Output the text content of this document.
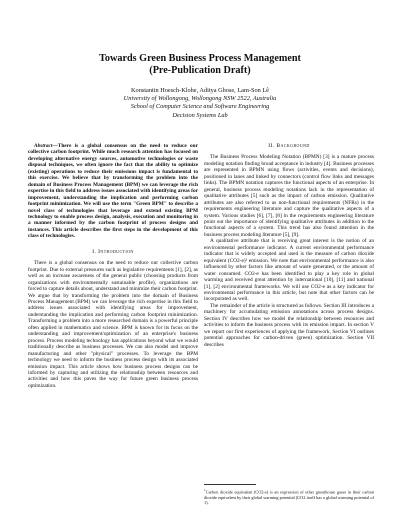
Towards Green Business Process Management
(Pre-Publication Draft)
Konstantin Hoesch-Klohe, Aditya Ghose, Lam-Son Lê
University of Wollongong, Wollongong NSW 2522, Australia
School of Computer Science and Software Engineering
Decision Systems Lab

Abstract—There is a global consensus on the need to reduce our collective carbon footprint. While much research attention has focused on developing alternative energy sources, automotive technologies or waste disposal techniques, we often ignore the fact that the ability to optimize (existing) operations to reduce their emissions impact is fundamental to this exercise. We believe that by transforming the problem into the domain of Business Process Management (BPM) we can leverage the rich expertise in this field to address issues associated with identifying areas for improvement, understanding the implication and performing carbon footprint minimization. We will use the term "Green BPM" to describe a novel class of technologies that leverage and extend existing BPM technology to enable process design, analysis, execution and monitoring in a manner informed by the carbon footprint of process designs and instances. This article describes the first steps in the development of this class of technologies.

I. Introduction

There is a global consensus on the need to reduce our collective carbon footprint. Due to external pressures such as legislative requirements [1], [2], as well as an increase awareness of the general public (choosing products from organizations with environmentally sustainable profile), organizations are forced to capture details about, understand and minimize their carbon footprint. We argue that by transforming the problem into the domain of Business Process Management (BPM) we can leverage the rich expertise in this field to address issues associated with identifying areas for improvement, understanding the implication and performing carbon footprint minimization. Transforming a problem into a more researched domain is a powerful principle often applied in mathematics and science. BPM is known for its focus on the understanding and improvement/optimization of an enterprise's business process. Process modeling technology has applications beyond what we would traditionally describe as business processes. We can also model and improve manufacturing and other "physical" processes. To leverage the BPM technology we need to inform the business process design with its associated emission impact. This article shows how business process designs can be informed by capturing and utilizing the relationship between resources and activities and how this paves the way for future green business process optimization.

II. Background

The Business Process Modeling Notation (BPMN) [3] is a mature process modeling notation finding broad acceptance in industry [4]. Business processes are represented in BPMN using flows (activities, events and decisions), positioned in lanes and linked by connectors (control flow links and messages links). The BPMN notation captures the functional aspects of an enterprise. In general, business process modeling notations lack in the representation of qualitative attributes [5] such as the impact of carbon emission. Qualitative attributes are also referred to as non-functional requirements (NFRs) in the requirements engineering literature and capture the qualitative aspects of a system. Various studies [6], [7], [8] in the requirements engineering literature point out the importance of identifying qualitative attributes in addition to the functional aspects of a system. This trend has also found attention in the business process modeling literature [5], [9].

A qualitative attribute that is receiving great interest is the notion of an environmental performance indicator. A current environmental performance indicator that is widely accepted and used is the measure of carbon dioxide equivalent (CO2-e)¹ emission. We note that environmental performance is also influenced by other factors like amount of waste generated, or the amount of water consumed. CO2-e has been identified to play a key role in global warming and received great attention by international [10], [11] and national [1], [2] environmental frameworks. We will use CO2-e as a key indicator for environmental performance in this article, but note that other factors can be incorporated as well.

The remainder of the article is structured as follows. Section III introduces a machinery for accumulating emission annotations across process designs. Section IV describes how we model the relationship between resources and activities to inform the business process with its emission impact. In section V we report our first experiences of applying the framework, Section VI outlines potential approaches for carbon-driven (green) optimization. Section VII describes

$^1$Carbon dioxide equivalent (CO2-e) is an expression of other greenhouse gases in their carbon dioxide equivalent by their global warming potential (CO2 itself has a global warming potential of 1).
